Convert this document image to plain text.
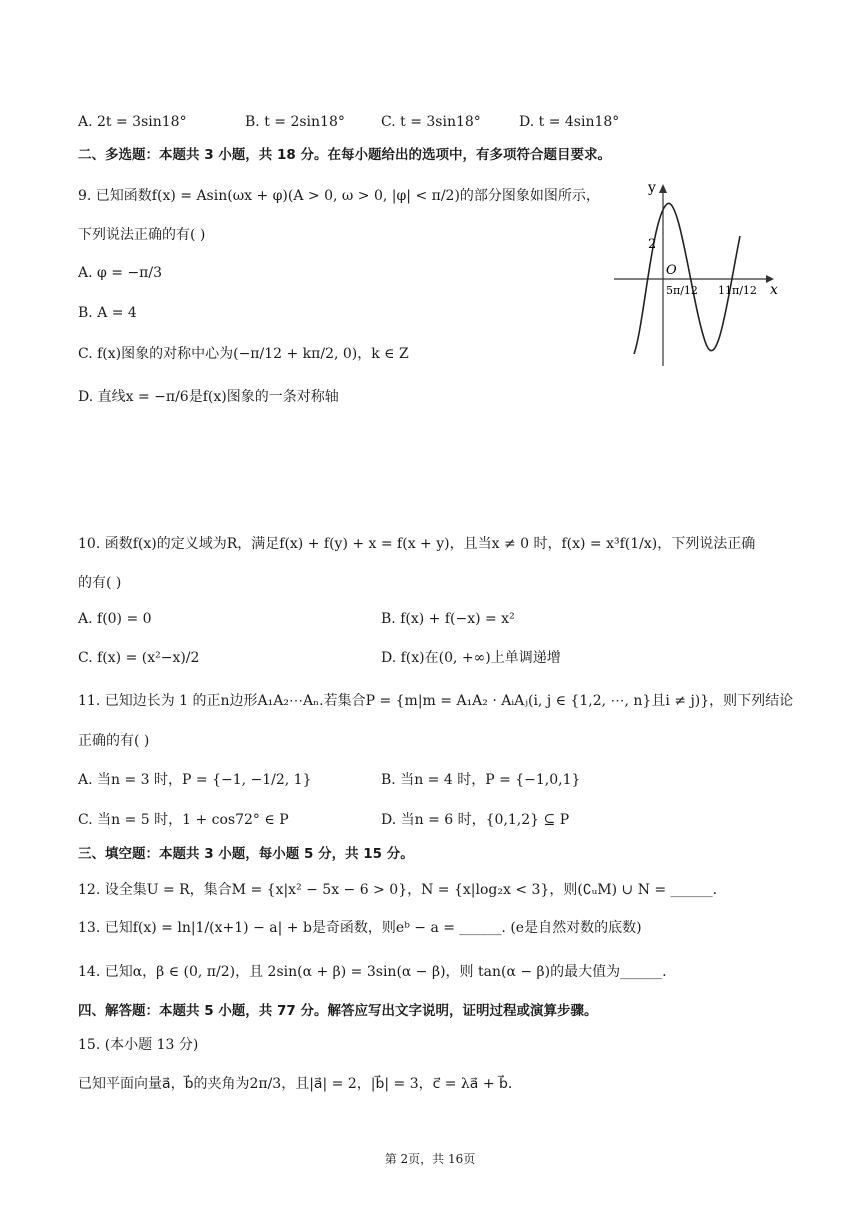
A. 2t = 3sin18°	B. t = 2sin18°	C. t = 3sin18°	D. t = 4sin18°
二、多选题：本题共 3 小题，共 18 分。在每小题给出的选项中，有多项符合题目要求。
9. 已知函数f(x) = Asin(ωx + φ)(A > 0, ω > 0, |φ| < π/2)的部分图象如图所示，
下列说法正确的有( )
A. φ = −π/3
B. A = 4
C. f(x)图象的对称中心为(−π/12 + kπ/2, 0)，k ∈ Z
D. 直线x = −π/6是f(x)图象的一条对称轴
y
x
O
2
5π/12 11π/12
10. 函数f(x)的定义域为R，满足f(x) + f(y) + x = f(x + y)，且当x ≠ 0 时，f(x) = x³f(1/x)，下列说法正确
的有( )
A. f(0) = 0	B. f(x) + f(−x) = x²
C. f(x) = (x²−x)/2	D. f(x)在(0, +∞)上单调递增
11. 已知边长为 1 的正n边形A₁A₂⋯Aₙ.若集合P = {m|m = A₁A₂ · AᵢAⱼ(i, j ∈ {1,2, ⋯, n}且i ≠ j)}，则下列结论
正确的有( )
A. 当n = 3 时，P = {−1, −1/2, 1}	B. 当n = 4 时，P = {−1,0,1}
C. 当n = 5 时，1 + cos72° ∈ P	D. 当n = 6 时，{0,1,2} ⊆ P
三、填空题：本题共 3 小题，每小题 5 分，共 15 分。
12. 设全集U = R，集合M = {x|x² − 5x − 6 > 0}，N = {x|log₂x < 3}，则(∁ᵤM) ∪ N = ______.
13. 已知f(x) = ln|1/(x+1) − a| + b是奇函数，则eᵇ − a = ______. (e是自然对数的底数)
14. 已知α，β ∈ (0, π/2)，且 2sin(α + β) = 3sin(α − β)，则 tan(α − β)的最大值为______.
四、解答题：本题共 5 小题，共 77 分。解答应写出文字说明，证明过程或演算步骤。
15. (本小题 13 分)
已知平面向量a⃗，b⃗的夹角为2π/3，且|a⃗| = 2，|b⃗| = 3，c⃗ = λa⃗ + b⃗.
第 2页，共 16页
